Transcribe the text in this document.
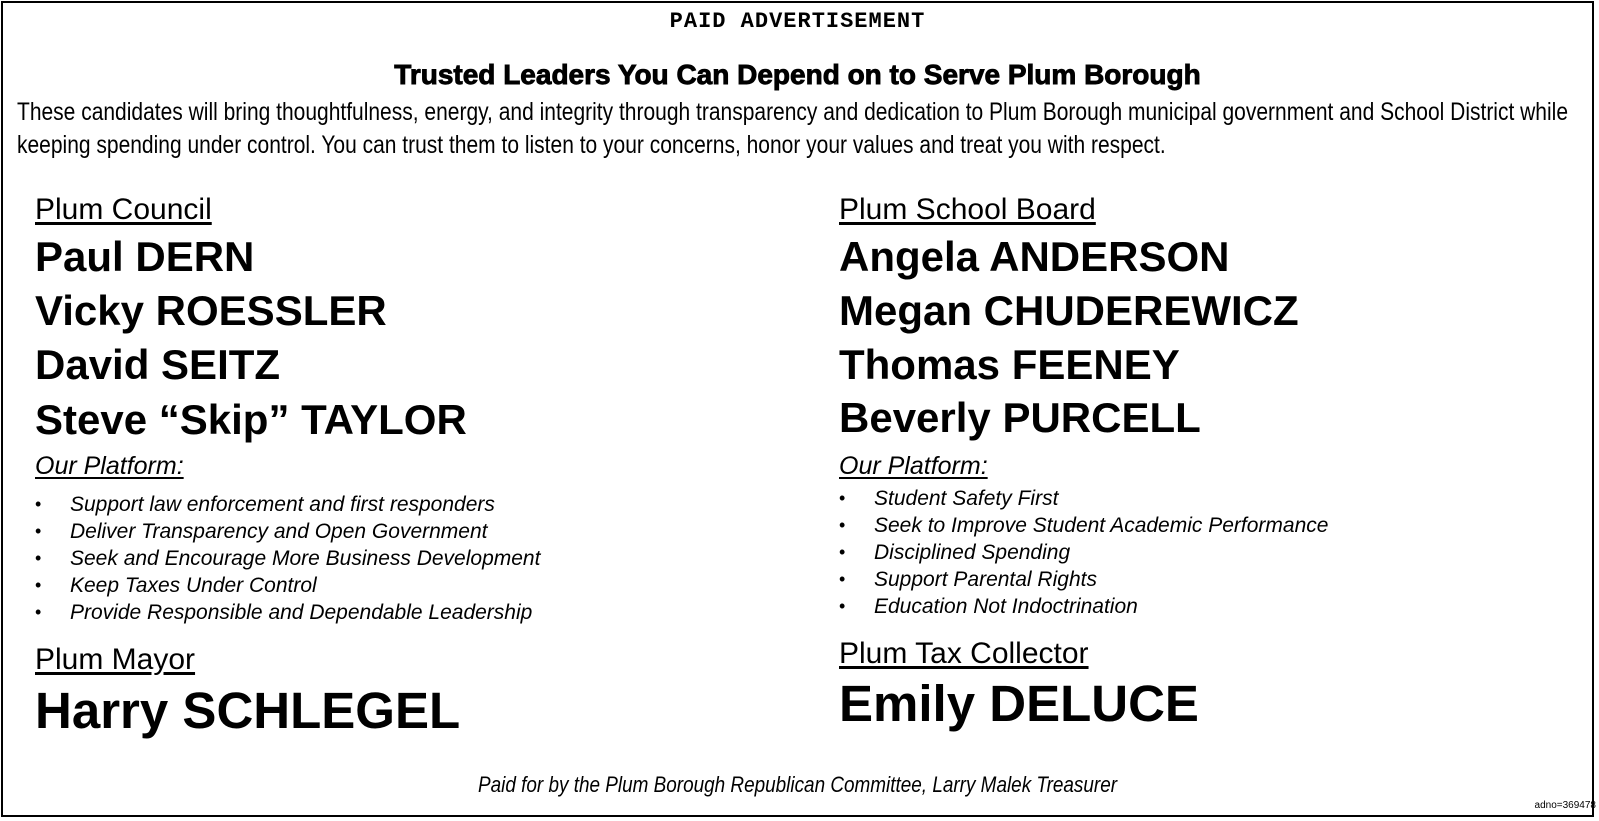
PAID ADVERTISEMENT
Trusted Leaders You Can Depend on to Serve Plum Borough
These candidates will bring thoughtfulness, energy, and integrity through transparency and dedication to Plum Borough municipal government and School District while keeping spending under control. You can trust them to listen to your concerns, honor your values and treat you with respect.
Plum Council
Paul DERN
Vicky ROESSLER
David SEITZ
Steve “Skip” TAYLOR
Our Platform:
• Support law enforcement and first responders
• Deliver Transparency and Open Government
• Seek and Encourage More Business Development
• Keep Taxes Under Control
• Provide Responsible and Dependable Leadership
Plum Mayor
Harry SCHLEGEL
Plum School Board
Angela ANDERSON
Megan CHUDEREWICZ
Thomas FEENEY
Beverly PURCELL
Our Platform:
• Student Safety First
• Seek to Improve Student Academic Performance
• Disciplined Spending
• Support Parental Rights
• Education Not Indoctrination
Plum Tax Collector
Emily DELUCE
Paid for by the Plum Borough Republican Committee, Larry Malek Treasurer
adno=369478
